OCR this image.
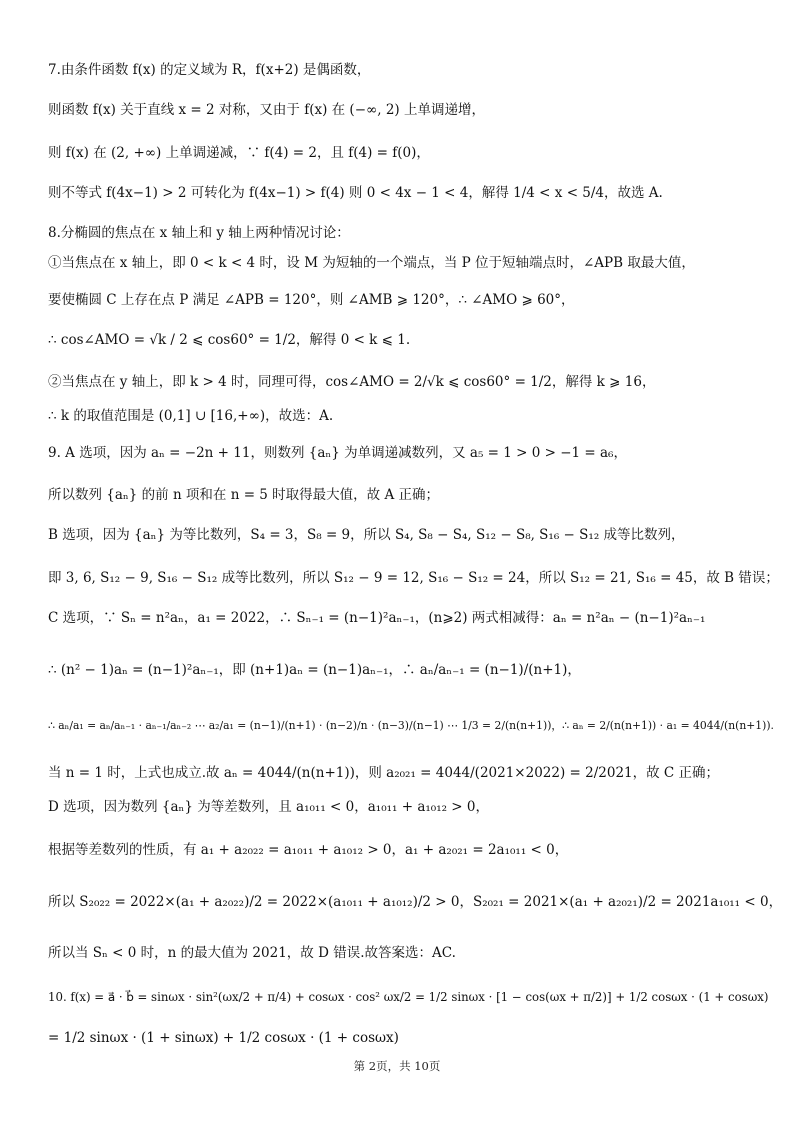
7.由条件函数 f(x) 的定义域为 R，f(x+2) 是偶函数，
则函数 f(x) 关于直线 x = 2 对称，又由于 f(x) 在 (−∞, 2) 上单调递增，
则 f(x) 在 (2, +∞) 上单调递减，∵ f(4) = 2，且 f(4) = f(0)，
则不等式 f(4x−1) > 2 可转化为 f(4x−1) > f(4) 则 0 < 4x − 1 < 4，解得 1/4 < x < 5/4，故选 A.
8.分椭圆的焦点在 x 轴上和 y 轴上两种情况讨论：
①当焦点在 x 轴上，即 0 < k < 4 时，设 M 为短轴的一个端点，当 P 位于短轴端点时，∠APB 取最大值，
要使椭圆 C 上存在点 P 满足 ∠APB = 120°，则 ∠AMB ⩾ 120°，∴ ∠AMO ⩾ 60°，
∴ cos∠AMO = √k / 2 ⩽ cos60° = 1/2，解得 0 < k ⩽ 1.
②当焦点在 y 轴上，即 k > 4 时，同理可得，cos∠AMO = 2/√k ⩽ cos60° = 1/2，解得 k ⩾ 16，
∴ k 的取值范围是 (0,1] ∪ [16,+∞)，故选：A.
9. A 选项，因为 aₙ = −2n + 11，则数列 {aₙ} 为单调递减数列，又 a₅ = 1 > 0 > −1 = a₆，
所以数列 {aₙ} 的前 n 项和在 n = 5 时取得最大值，故 A 正确；
B 选项，因为 {aₙ} 为等比数列，S₄ = 3，S₈ = 9，所以 S₄, S₈ − S₄, S₁₂ − S₈, S₁₆ − S₁₂ 成等比数列，
即 3, 6, S₁₂ − 9, S₁₆ − S₁₂ 成等比数列，所以 S₁₂ − 9 = 12, S₁₆ − S₁₂ = 24，所以 S₁₂ = 21, S₁₆ = 45，故 B 错误；
C 选项，∵ Sₙ = n²aₙ，a₁ = 2022，∴ Sₙ₋₁ = (n−1)²aₙ₋₁，(n⩾2) 两式相减得：aₙ = n²aₙ − (n−1)²aₙ₋₁
∴ (n² − 1)aₙ = (n−1)²aₙ₋₁，即 (n+1)aₙ = (n−1)aₙ₋₁，∴ aₙ/aₙ₋₁ = (n−1)/(n+1)，
∴ aₙ/a₁ = aₙ/aₙ₋₁ · aₙ₋₁/aₙ₋₂ ⋯ a₂/a₁ = (n−1)/(n+1) · (n−2)/n · (n−3)/(n−1) ⋯ 1/3 = 2/(n(n+1))，∴ aₙ = 2/(n(n+1)) · a₁ = 4044/(n(n+1)).
当 n = 1 时，上式也成立.故 aₙ = 4044/(n(n+1))，则 a₂₀₂₁ = 4044/(2021×2022) = 2/2021，故 C 正确；
D 选项，因为数列 {aₙ} 为等差数列，且 a₁₀₁₁ < 0，a₁₀₁₁ + a₁₀₁₂ > 0，
根据等差数列的性质，有 a₁ + a₂₀₂₂ = a₁₀₁₁ + a₁₀₁₂ > 0，a₁ + a₂₀₂₁ = 2a₁₀₁₁ < 0，
所以 S₂₀₂₂ = 2022×(a₁ + a₂₀₂₂)/2 = 2022×(a₁₀₁₁ + a₁₀₁₂)/2 > 0，S₂₀₂₁ = 2021×(a₁ + a₂₀₂₁)/2 = 2021a₁₀₁₁ < 0，
所以当 Sₙ < 0 时，n 的最大值为 2021，故 D 错误.故答案选：AC.
10. f(x) = a⃗ · b⃗ = sinωx · sin²(ωx/2 + π/4) + cosωx · cos² ωx/2 = 1/2 sinωx · [1 − cos(ωx + π/2)] + 1/2 cosωx · (1 + cosωx)
= 1/2 sinωx · (1 + sinωx) + 1/2 cosωx · (1 + cosωx)
第 2页，共 10页
